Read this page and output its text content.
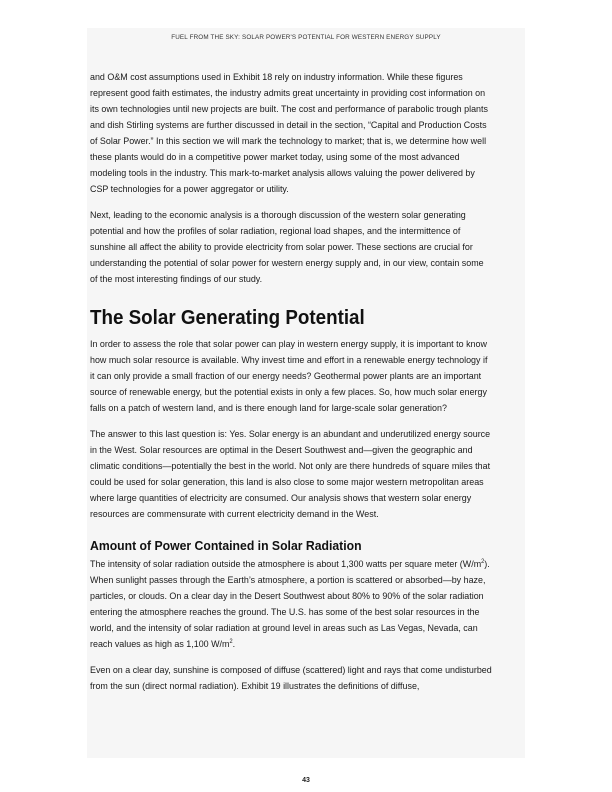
FUEL FROM THE SKY: SOLAR POWER'S POTENTIAL FOR WESTERN ENERGY SUPPLY

and O&M cost assumptions used in Exhibit 18 rely on industry information. While these figures represent good faith estimates, the industry admits great uncertainty in providing cost information on its own technologies until new projects are built. The cost and performance of parabolic trough plants and dish Stirling systems are further discussed in detail in the section, “Capital and Production Costs of Solar Power.” In this section we will mark the technology to market; that is, we determine how well these plants would do in a competitive power market today, using some of the most advanced modeling tools in the industry. This mark-to-market analysis allows valuing the power delivered by CSP technologies for a power aggregator or utility.

Next, leading to the economic analysis is a thorough discussion of the western solar generating potential and how the profiles of solar radiation, regional load shapes, and the intermittence of sunshine all affect the ability to provide electricity from solar power. These sections are crucial for understanding the potential of solar power for western energy supply and, in our view, contain some of the most interesting findings of our study.

The Solar Generating Potential

In order to assess the role that solar power can play in western energy supply, it is important to know how much solar resource is available. Why invest time and effort in a renewable energy technology if it can only provide a small fraction of our energy needs? Geothermal power plants are an important source of renewable energy, but the potential exists in only a few places. So, how much solar energy falls on a patch of western land, and is there enough land for large-scale solar generation?

The answer to this last question is: Yes. Solar energy is an abundant and underutilized energy source in the West. Solar resources are optimal in the Desert Southwest and—given the geographic and climatic conditions—potentially the best in the world. Not only are there hundreds of square miles that could be used for solar generation, this land is also close to some major western metropolitan areas where large quantities of electricity are consumed. Our analysis shows that western solar energy resources are commensurate with current electricity demand in the West.

Amount of Power Contained in Solar Radiation

The intensity of solar radiation outside the atmosphere is about 1,300 watts per square meter $(W/m^2)$. When sunlight passes through the Earth’s atmosphere, a portion is scattered or absorbed—by haze, particles, or clouds. On a clear day in the Desert Southwest about 80% to 90% of the solar radiation entering the atmosphere reaches the ground. The U.S. has some of the best solar resources in the world, and the intensity of solar radiation at ground level in areas such as Las Vegas, Nevada, can reach values as high as 1,100 $W/m^2$.

Even on a clear day, sunshine is composed of diffuse (scattered) light and rays that come undisturbed from the sun (direct normal radiation). Exhibit 19 illustrates the definitions of diffuse,

43
